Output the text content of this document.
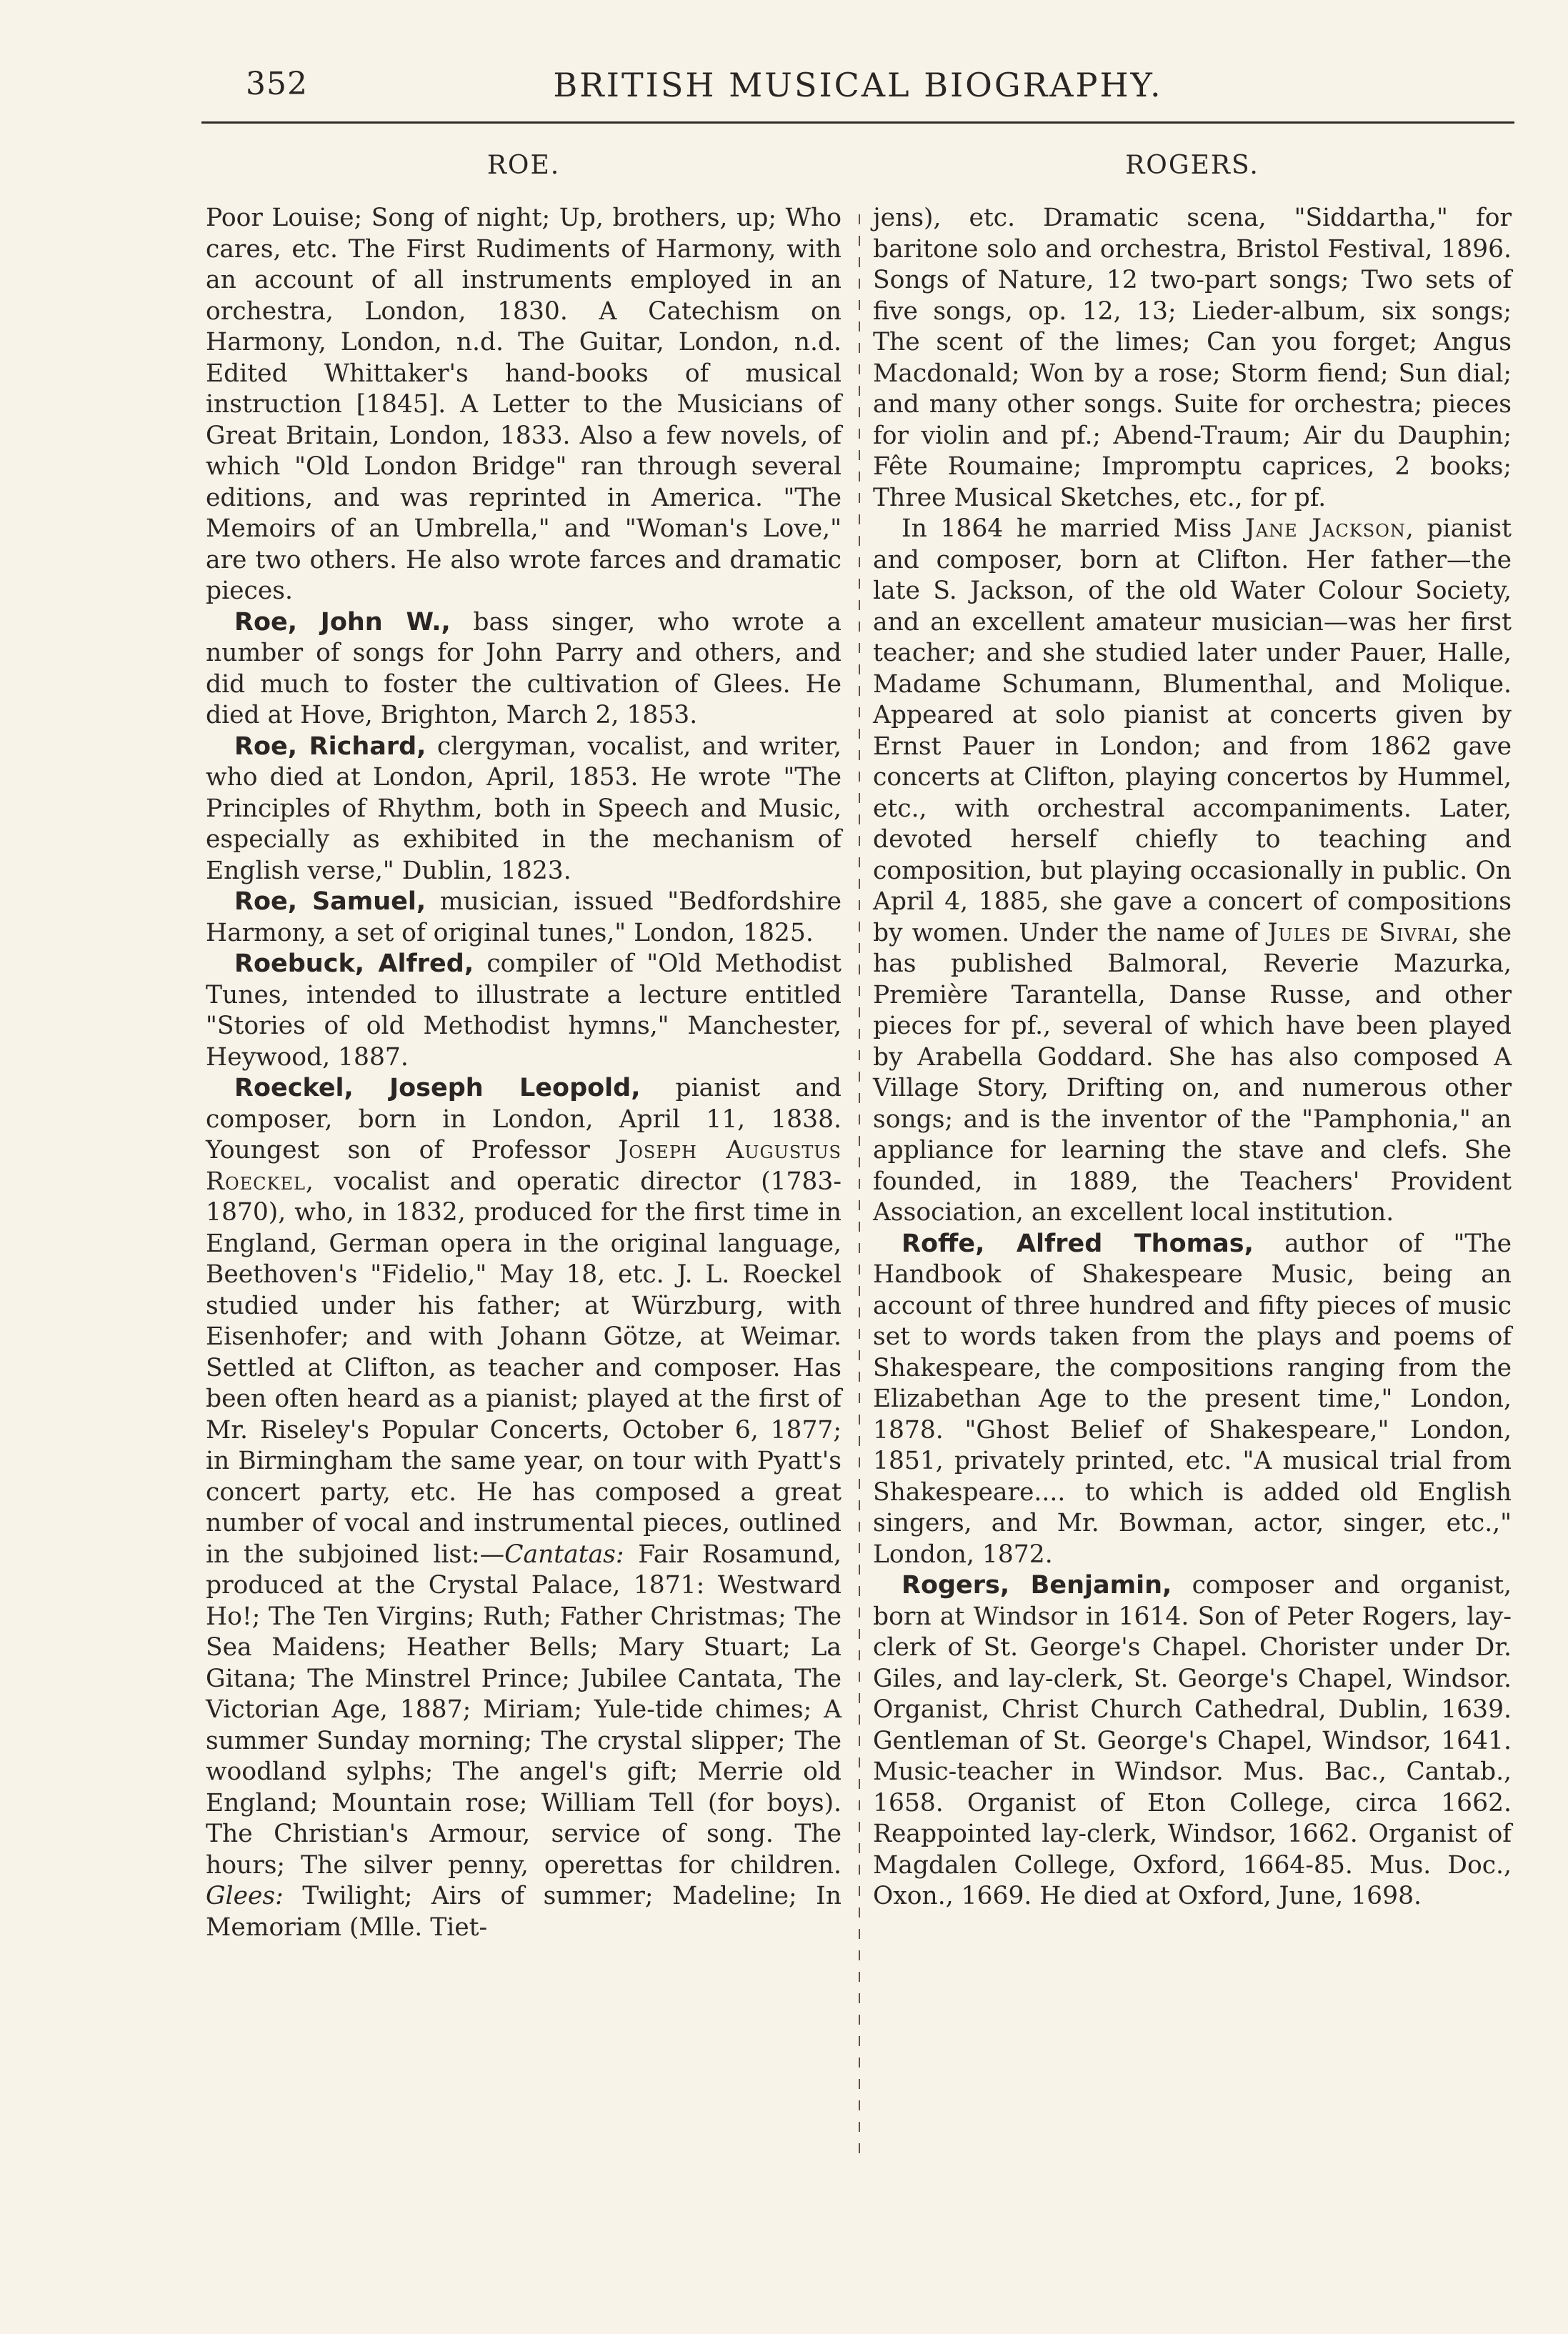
352	BRITISH MUSICAL BIOGRAPHY.
ROE.

Poor Louise; Song of night; Up, brothers, up; Who cares, etc. The First Rudiments of Harmony, with an account of all instruments employed in an orchestra, London, 1830. A Catechism on Harmony, London, n.d. The Guitar, London, n.d. Edited Whittaker's hand-books of musical instruction [1845]. A Letter to the Musicians of Great Britain, London, 1833. Also a few novels, of which "Old London Bridge" ran through several editions, and was reprinted in America. "The Memoirs of an Umbrella," and "Woman's Love," are two others. He also wrote farces and dramatic pieces.

Roe, John W., bass singer, who wrote a number of songs for John Parry and others, and did much to foster the cultivation of Glees. He died at Hove, Brighton, March 2, 1853.

Roe, Richard, clergyman, vocalist, and writer, who died at London, April, 1853. He wrote "The Principles of Rhythm, both in Speech and Music, especially as exhibited in the mechanism of English verse," Dublin, 1823.

Roe, Samuel, musician, issued "Bedfordshire Harmony, a set of original tunes," London, 1825.

Roebuck, Alfred, compiler of "Old Methodist Tunes, intended to illustrate a lecture entitled "Stories of old Methodist hymns," Manchester, Heywood, 1887.

Roeckel, Joseph Leopold, pianist and composer, born in London, April 11, 1838. Youngest son of Professor Joseph Augustus Roeckel, vocalist and operatic director (1783-1870), who, in 1832, produced for the first time in England, German opera in the original language, Beethoven's "Fidelio," May 18, etc. J. L. Roeckel studied under his father; at Würzburg, with Eisenhofer; and with Johann Götze, at Weimar. Settled at Clifton, as teacher and composer. Has been often heard as a pianist; played at the first of Mr. Riseley's Popular Concerts, October 6, 1877; in Birmingham the same year, on tour with Pyatt's concert party, etc. He has composed a great number of vocal and instrumental pieces, outlined in the subjoined list:—Cantatas: Fair Rosamund, produced at the Crystal Palace, 1871: Westward Ho!; The Ten Virgins; Ruth; Father Christmas; The Sea Maidens; Heather Bells; Mary Stuart; La Gitana; The Minstrel Prince; Jubilee Cantata, The Victorian Age, 1887; Miriam; Yule-tide chimes; A summer Sunday morning; The crystal slipper; The woodland sylphs; The angel's gift; Merrie old England; Mountain rose; William Tell (for boys). The Christian's Armour, service of song. The hours; The silver penny, operettas for children. Glees: Twilight; Airs of summer; Madeline; In Memoriam (Mlle. Tiet-

ROGERS.

jens), etc. Dramatic scena, "Siddartha," for baritone solo and orchestra, Bristol Festival, 1896. Songs of Nature, 12 two-part songs; Two sets of five songs, op. 12, 13; Lieder-album, six songs; The scent of the limes; Can you forget; Angus Macdonald; Won by a rose; Storm fiend; Sun dial; and many other songs. Suite for orchestra; pieces for violin and pf.; Abend-Traum; Air du Dauphin; Fête Roumaine; Impromptu caprices, 2 books; Three Musical Sketches, etc., for pf.

In 1864 he married Miss Jane Jackson, pianist and composer, born at Clifton. Her father—the late S. Jackson, of the old Water Colour Society, and an excellent amateur musician—was her first teacher; and she studied later under Pauer, Halle, Madame Schumann, Blumenthal, and Molique. Appeared at solo pianist at concerts given by Ernst Pauer in London; and from 1862 gave concerts at Clifton, playing concertos by Hummel, etc., with orchestral accompaniments. Later, devoted herself chiefly to teaching and composition, but playing occasionally in public. On April 4, 1885, she gave a concert of compositions by women. Under the name of Jules de Sivrai, she has published Balmoral, Reverie Mazurka, Première Tarantella, Danse Russe, and other pieces for pf., several of which have been played by Arabella Goddard. She has also composed A Village Story, Drifting on, and numerous other songs; and is the inventor of the "Pamphonia," an appliance for learning the stave and clefs. She founded, in 1889, the Teachers' Provident Association, an excellent local institution.

Roffe, Alfred Thomas, author of "The Handbook of Shakespeare Music, being an account of three hundred and fifty pieces of music set to words taken from the plays and poems of Shakespeare, the compositions ranging from the Elizabethan Age to the present time," London, 1878. "Ghost Belief of Shakespeare," London, 1851, privately printed, etc. "A musical trial from Shakespeare.... to which is added old English singers, and Mr. Bowman, actor, singer, etc.," London, 1872.

Rogers, Benjamin, composer and organist, born at Windsor in 1614. Son of Peter Rogers, lay-clerk of St. George's Chapel. Chorister under Dr. Giles, and lay-clerk, St. George's Chapel, Windsor. Organist, Christ Church Cathedral, Dublin, 1639. Gentleman of St. George's Chapel, Windsor, 1641. Music-teacher in Windsor. Mus. Bac., Cantab., 1658. Organist of Eton College, circa 1662. Reappointed lay-clerk, Windsor, 1662. Organist of Magdalen College, Oxford, 1664-85. Mus. Doc., Oxon., 1669. He died at Oxford, June, 1698.
